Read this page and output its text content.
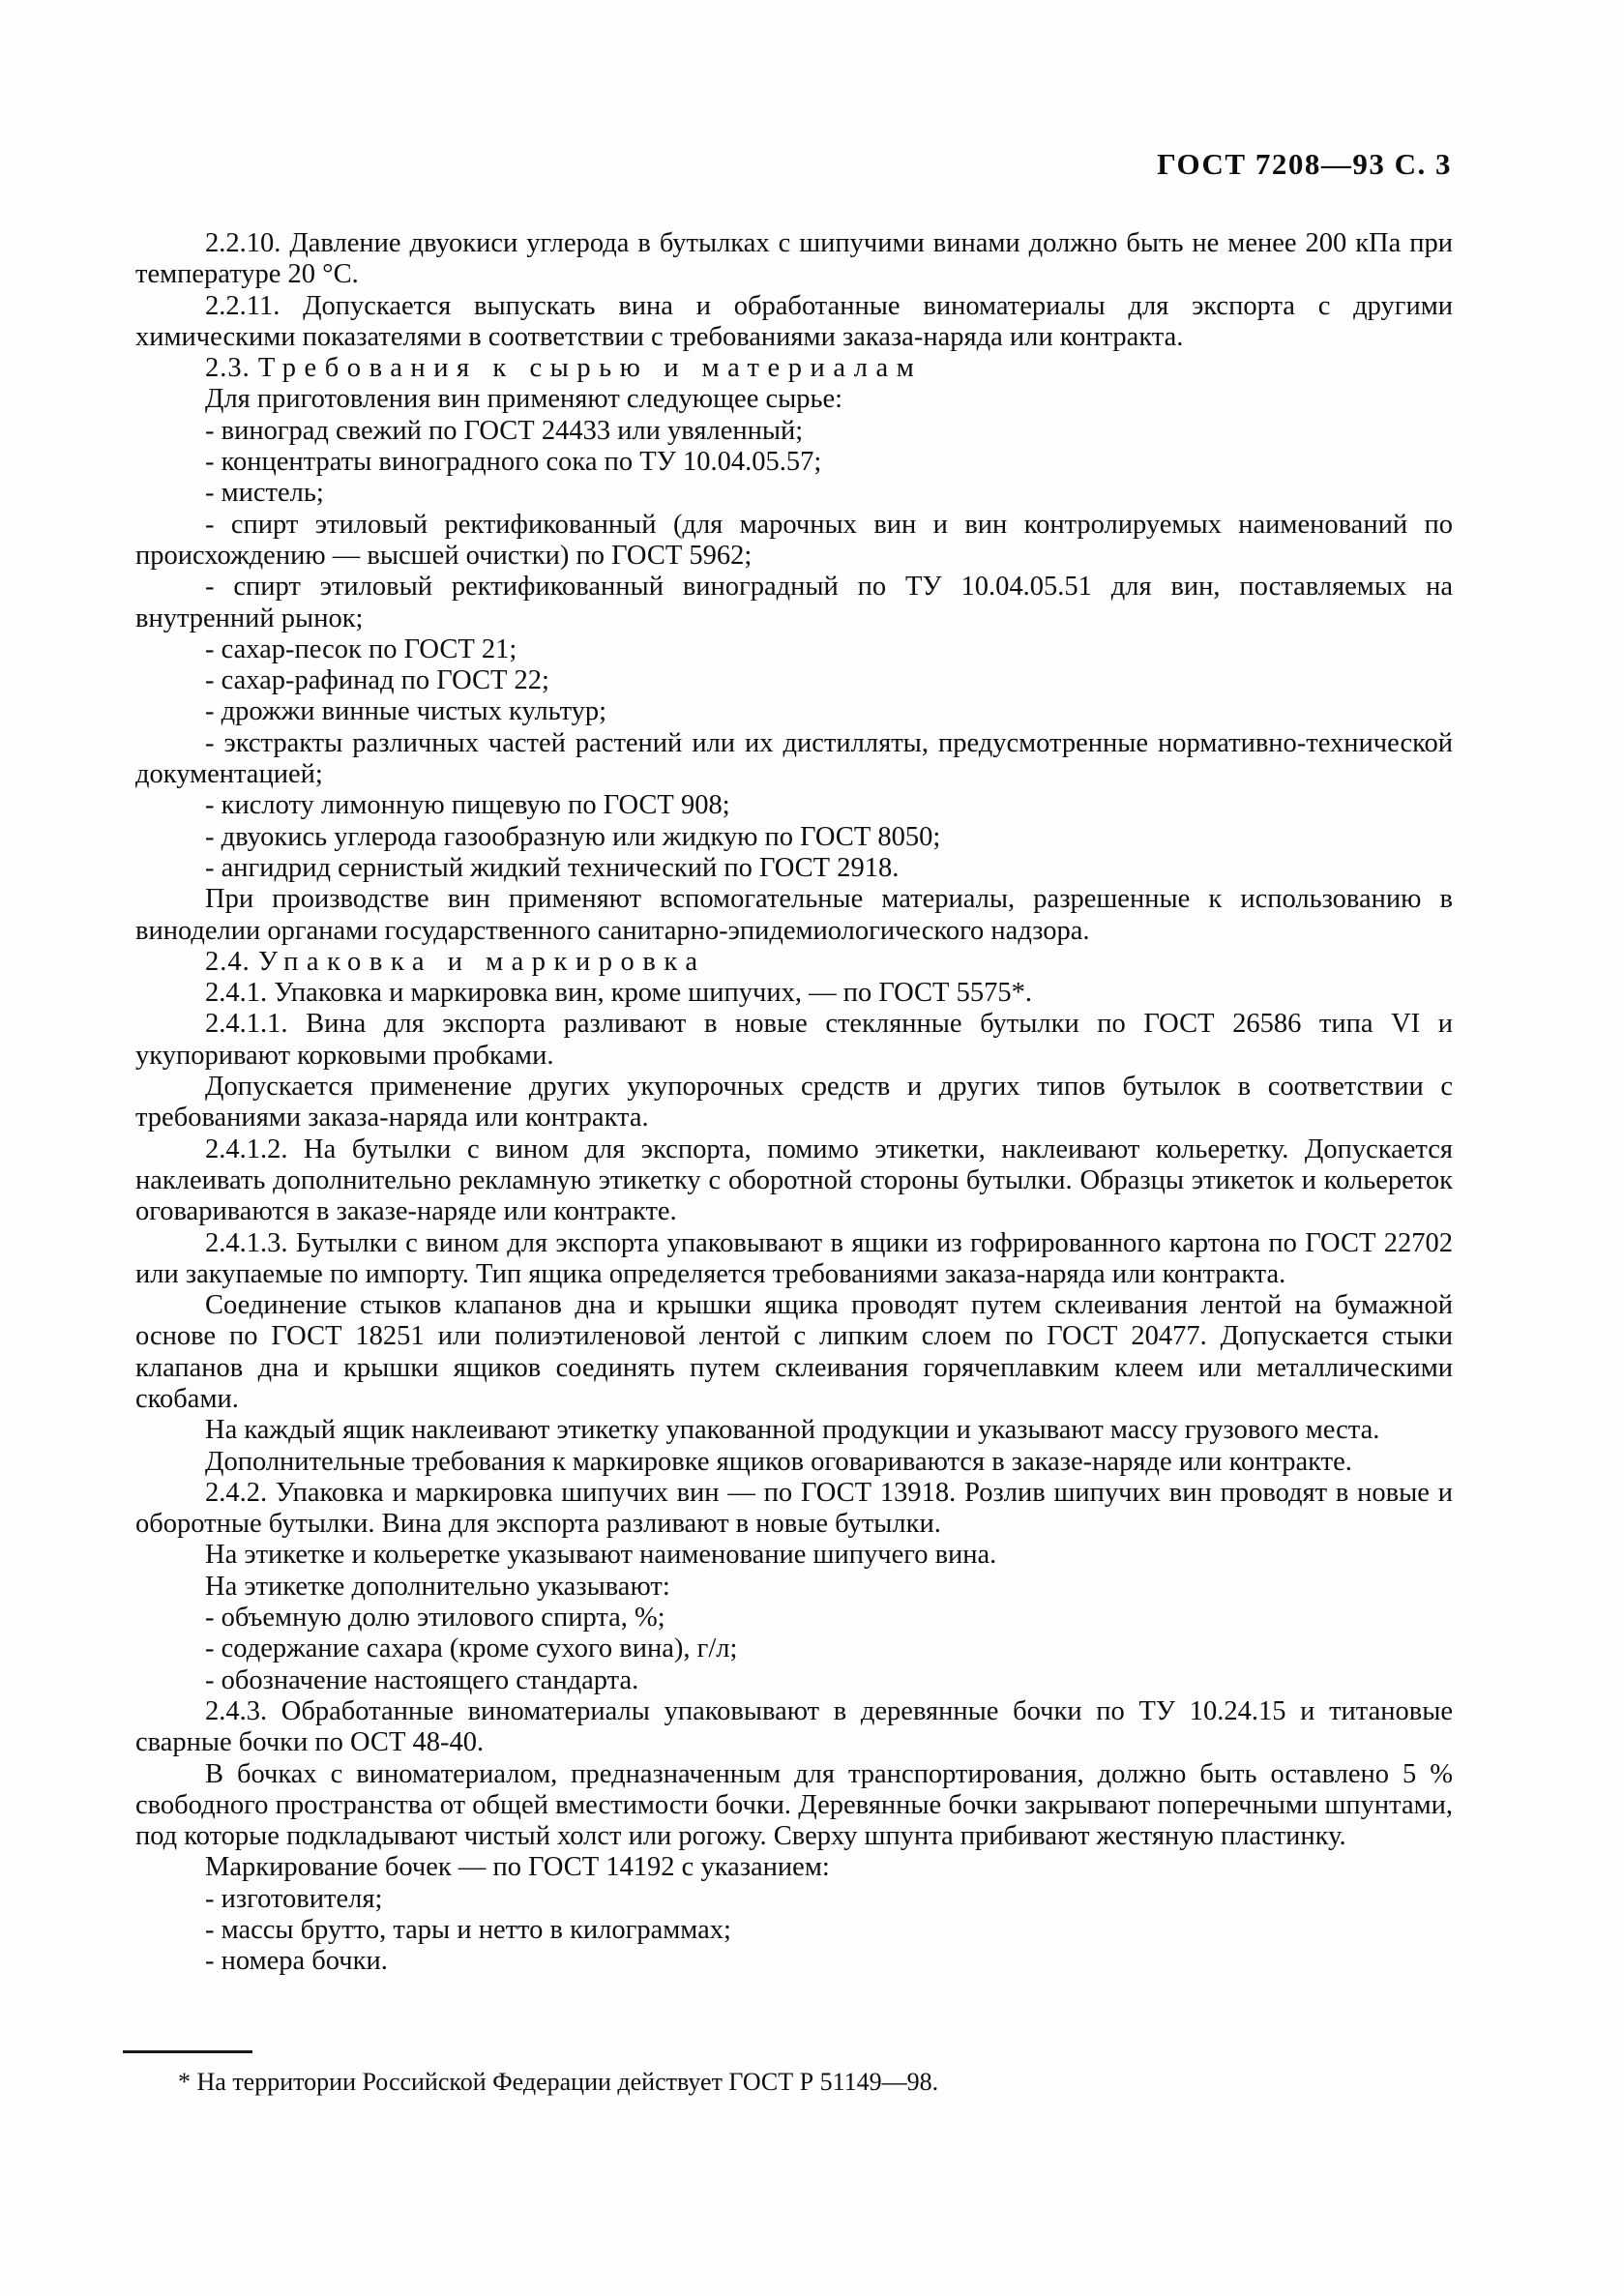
ГОСТ 7208—93 С. 3
2.2.10. Давление двуокиси углерода в бутылках с шипучими винами должно быть не менее 200 кПа при температуре 20 °С.
2.2.11. Допускается выпускать вина и обработанные виноматериалы для экспорта с другими химическими показателями в соответствии с требованиями заказа-наряда или контракта.
2.3. Требования к сырью и материалам
Для приготовления вин применяют следующее сырье:
- виноград свежий по ГОСТ 24433 или увяленный;
- концентраты виноградного сока по ТУ 10.04.05.57;
- мистель;
- спирт этиловый ректификованный (для марочных вин и вин контролируемых наименований по происхождению — высшей очистки) по ГОСТ 5962;
- спирт этиловый ректификованный виноградный по ТУ 10.04.05.51 для вин, поставляемых на внутренний рынок;
- сахар-песок по ГОСТ 21;
- сахар-рафинад по ГОСТ 22;
- дрожжи винные чистых культур;
- экстракты различных частей растений или их дистилляты, предусмотренные нормативно-технической документацией;
- кислоту лимонную пищевую по ГОСТ 908;
- двуокись углерода газообразную или жидкую по ГОСТ 8050;
- ангидрид сернистый жидкий технический по ГОСТ 2918.
При производстве вин применяют вспомогательные материалы, разрешенные к использованию в виноделии органами государственного санитарно-эпидемиологического надзора.
2.4. Упаковка и маркировка
2.4.1. Упаковка и маркировка вин, кроме шипучих, — по ГОСТ 5575*.
2.4.1.1. Вина для экспорта разливают в новые стеклянные бутылки по ГОСТ 26586 типа VI и укупоривают корковыми пробками.
Допускается применение других укупорочных средств и других типов бутылок в соответствии с требованиями заказа-наряда или контракта.
2.4.1.2. На бутылки с вином для экспорта, помимо этикетки, наклеивают кольеретку. Допускается наклеивать дополнительно рекламную этикетку с оборотной стороны бутылки. Образцы этикеток и кольереток оговариваются в заказе-наряде или контракте.
2.4.1.3. Бутылки с вином для экспорта упаковывают в ящики из гофрированного картона по ГОСТ 22702 или закупаемые по импорту. Тип ящика определяется требованиями заказа-наряда или контракта.
Соединение стыков клапанов дна и крышки ящика проводят путем склеивания лентой на бумажной основе по ГОСТ 18251 или полиэтиленовой лентой с липким слоем по ГОСТ 20477. Допускается стыки клапанов дна и крышки ящиков соединять путем склеивания горячеплавким клеем или металлическими скобами.
На каждый ящик наклеивают этикетку упакованной продукции и указывают массу грузового места.
Дополнительные требования к маркировке ящиков оговариваются в заказе-наряде или контракте.
2.4.2. Упаковка и маркировка шипучих вин — по ГОСТ 13918. Розлив шипучих вин проводят в новые и оборотные бутылки. Вина для экспорта разливают в новые бутылки.
На этикетке и кольеретке указывают наименование шипучего вина.
На этикетке дополнительно указывают:
- объемную долю этилового спирта, %;
- содержание сахара (кроме сухого вина), г/л;
- обозначение настоящего стандарта.
2.4.3. Обработанные виноматериалы упаковывают в деревянные бочки по ТУ 10.24.15 и титановые сварные бочки по ОСТ 48-40.
В бочках с виноматериалом, предназначенным для транспортирования, должно быть оставлено 5 % свободного пространства от общей вместимости бочки. Деревянные бочки закрывают поперечными шпунтами, под которые подкладывают чистый холст или рогожу. Сверху шпунта прибивают жестяную пластинку.
Маркирование бочек — по ГОСТ 14192 с указанием:
- изготовителя;
- массы брутто, тары и нетто в килограммах;
- номера бочки.
* На территории Российской Федерации действует ГОСТ Р 51149—98.
